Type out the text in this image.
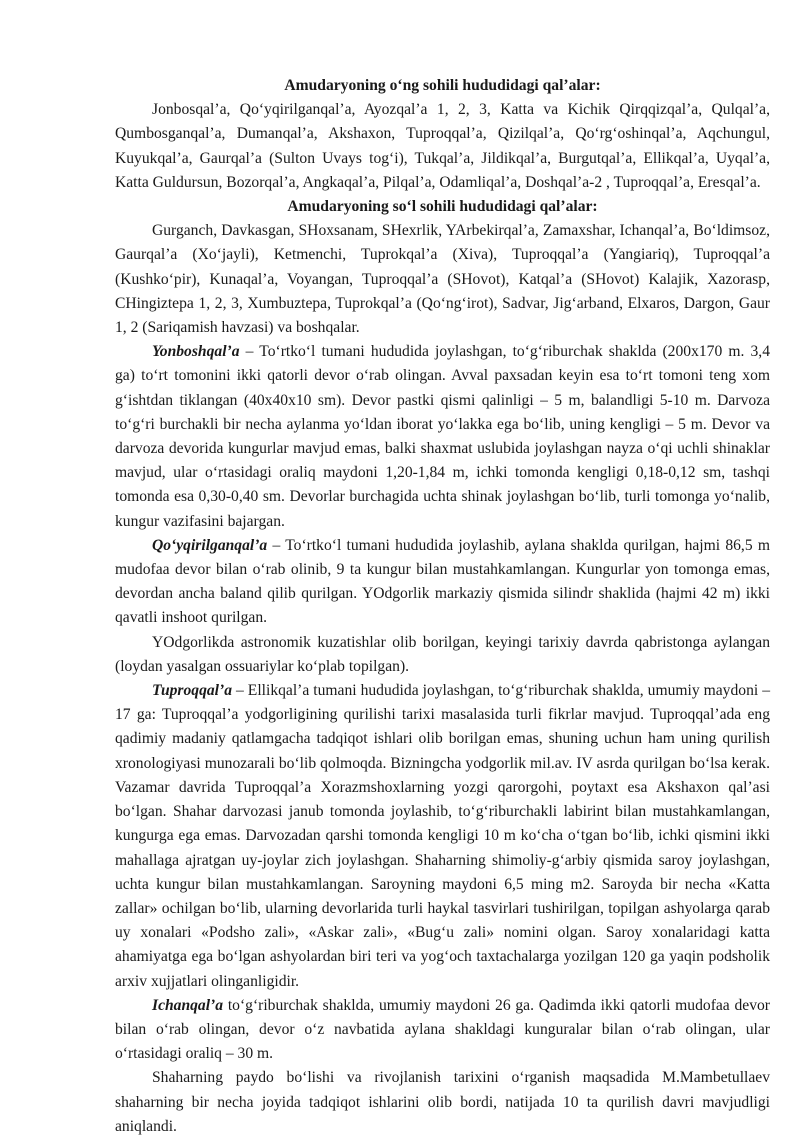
Amudaryoning oʻng sohili hududidagi qalʼalar:

Jonbosqalʼa, Qoʻyqirilganqalʼa, Ayozqalʼa 1, 2, 3, Katta va Kichik Qirqqizqalʼa, Qulqalʼa, Qumbosganqalʼa, Dumanqalʼa, Akshaxon, Tuproqqalʼa, Qizilqalʼa, Qoʻrgʻoshinqalʼa, Aqchungul, Kuyukqalʼa, Gaurqalʼa (Sulton Uvays togʻi), Tukqalʼa, Jildikqalʼa, Burgutqalʼa, Ellikqalʼa, Uyqalʼa, Katta Guldursun, Bozorqalʼa, Angkaqalʼa, Pilqalʼa, Odamliqalʼa, Doshqalʼa-2 , Tuproqqalʼa, Eresqalʼa.

Amudaryoning soʻl sohili hududidagi qalʼalar:

Gurganch, Davkasgan, SHoxsanam, SHexrlik, YArbekirqalʼa, Zamaxshar, Ichanqalʼa, Boʻldimsoz, Gaurqalʼa (Xoʻjayli), Ketmenchi, Tuprokqalʼa (Xiva), Tuproqqalʼa (Yangiariq), Tuproqqalʼa (Kushkoʻpir), Kunaqalʼa, Voyangan, Tuproqqalʼa (SHovot), Katqalʼa (SHovot) Kalajik, Xazorasp, CHingiztepa 1, 2, 3, Xumbuztepa, Tuprokqalʼa (Qoʻngʻirot), Sadvar, Jigʻarband, Elxaros, Dargon, Gaur 1, 2 (Sariqamish havzasi) va boshqalar.

Yonboshqalʼa – Toʻrtkoʻl tumani hududida joylashgan, toʻgʻriburchak shaklda (200x170 m. 3,4 ga) toʻrt tomonini ikki qatorli devor oʻrab olingan. Avval paxsadan keyin esa toʻrt tomoni teng xom gʻishtdan tiklangan (40x40x10 sm). Devor pastki qismi qalinligi – 5 m, balandligi 5-10 m. Darvoza toʻgʻri burchakli bir necha aylanma yoʻldan iborat yoʻlakka ega boʻlib, uning kengligi – 5 m. Devor va darvoza devorida kungurlar mavjud emas, balki shaxmat uslubida joylashgan nayza oʻqi uchli shinaklar mavjud, ular oʻrtasidagi oraliq maydoni 1,20-1,84 m, ichki tomonda kengligi 0,18-0,12 sm, tashqi tomonda esa 0,30-0,40 sm. Devorlar burchagida uchta shinak joylashgan boʻlib, turli tomonga yoʻnalib, kungur vazifasini bajargan.

Qoʻyqirilganqalʼa – Toʻrtkoʻl tumani hududida joylashib, aylana shaklda qurilgan, hajmi 86,5 m mudofaa devor bilan oʻrab olinib, 9 ta kungur bilan mustahkamlangan. Kungurlar yon tomonga emas, devordan ancha baland qilib qurilgan. YOdgorlik markaziy qismida silindr shaklida (hajmi 42 m) ikki qavatli inshoot qurilgan.

YOdgorlikda astronomik kuzatishlar olib borilgan, keyingi tarixiy davrda qabristonga aylangan (loydan yasalgan ossuariylar koʻplab topilgan).

Tuproqqalʼa – Ellikqalʼa tumani hududida joylashgan, toʻgʻriburchak shaklda, umumiy maydoni – 17 ga: Tuproqqalʼa yodgorligining qurilishi tarixi masalasida turli fikrlar mavjud. Tuproqqalʼada eng qadimiy madaniy qatlamgacha tadqiqot ishlari olib borilgan emas, shuning uchun ham uning qurilish xronologiyasi munozarali boʻlib qolmoqda. Bizningcha yodgorlik mil.av. IV asrda qurilgan boʻlsa kerak. Vazamar davrida Tuproqqalʼa Xorazmshoxlarning yozgi qarorgohi, poytaxt esa Akshaxon qalʼasi boʻlgan. Shahar darvozasi janub tomonda joylashib, toʻgʻriburchakli labirint bilan mustahkamlangan, kungurga ega emas. Darvozadan qarshi tomonda kengligi 10 m koʻcha oʻtgan boʻlib, ichki qismini ikki mahallaga ajratgan uy-joylar zich joylashgan. Shaharning shimoliy-gʻarbiy qismida saroy joylashgan, uchta kungur bilan mustahkamlangan. Saroyning maydoni 6,5 ming m2. Saroyda bir necha «Katta zallar» ochilgan boʻlib, ularning devorlarida turli haykal tasvirlari tushirilgan, topilgan ashyolarga qarab uy xonalari «Podsho zali», «Askar zali», «Bugʻu zali» nomini olgan. Saroy xonalaridagi katta ahamiyatga ega boʻlgan ashyolardan biri teri va yogʻoch taxtachalarga yozilgan 120 ga yaqin podsholik arxiv xujjatlari olinganligidir.

Ichanqalʼa toʻgʻriburchak shaklda, umumiy maydoni 26 ga. Qadimda ikki qatorli mudofaa devor bilan oʻrab olingan, devor oʻz navbatida aylana shakldagi kunguralar bilan oʻrab olingan, ular oʻrtasidagi oraliq – 30 m.

Shaharning paydo boʻlishi va rivojlanish tarixini oʻrganish maqsadida M.Mambetullaev shaharning bir necha joyida tadqiqot ishlarini olib bordi, natijada 10 ta qurilish davri mavjudligi aniqlandi.
